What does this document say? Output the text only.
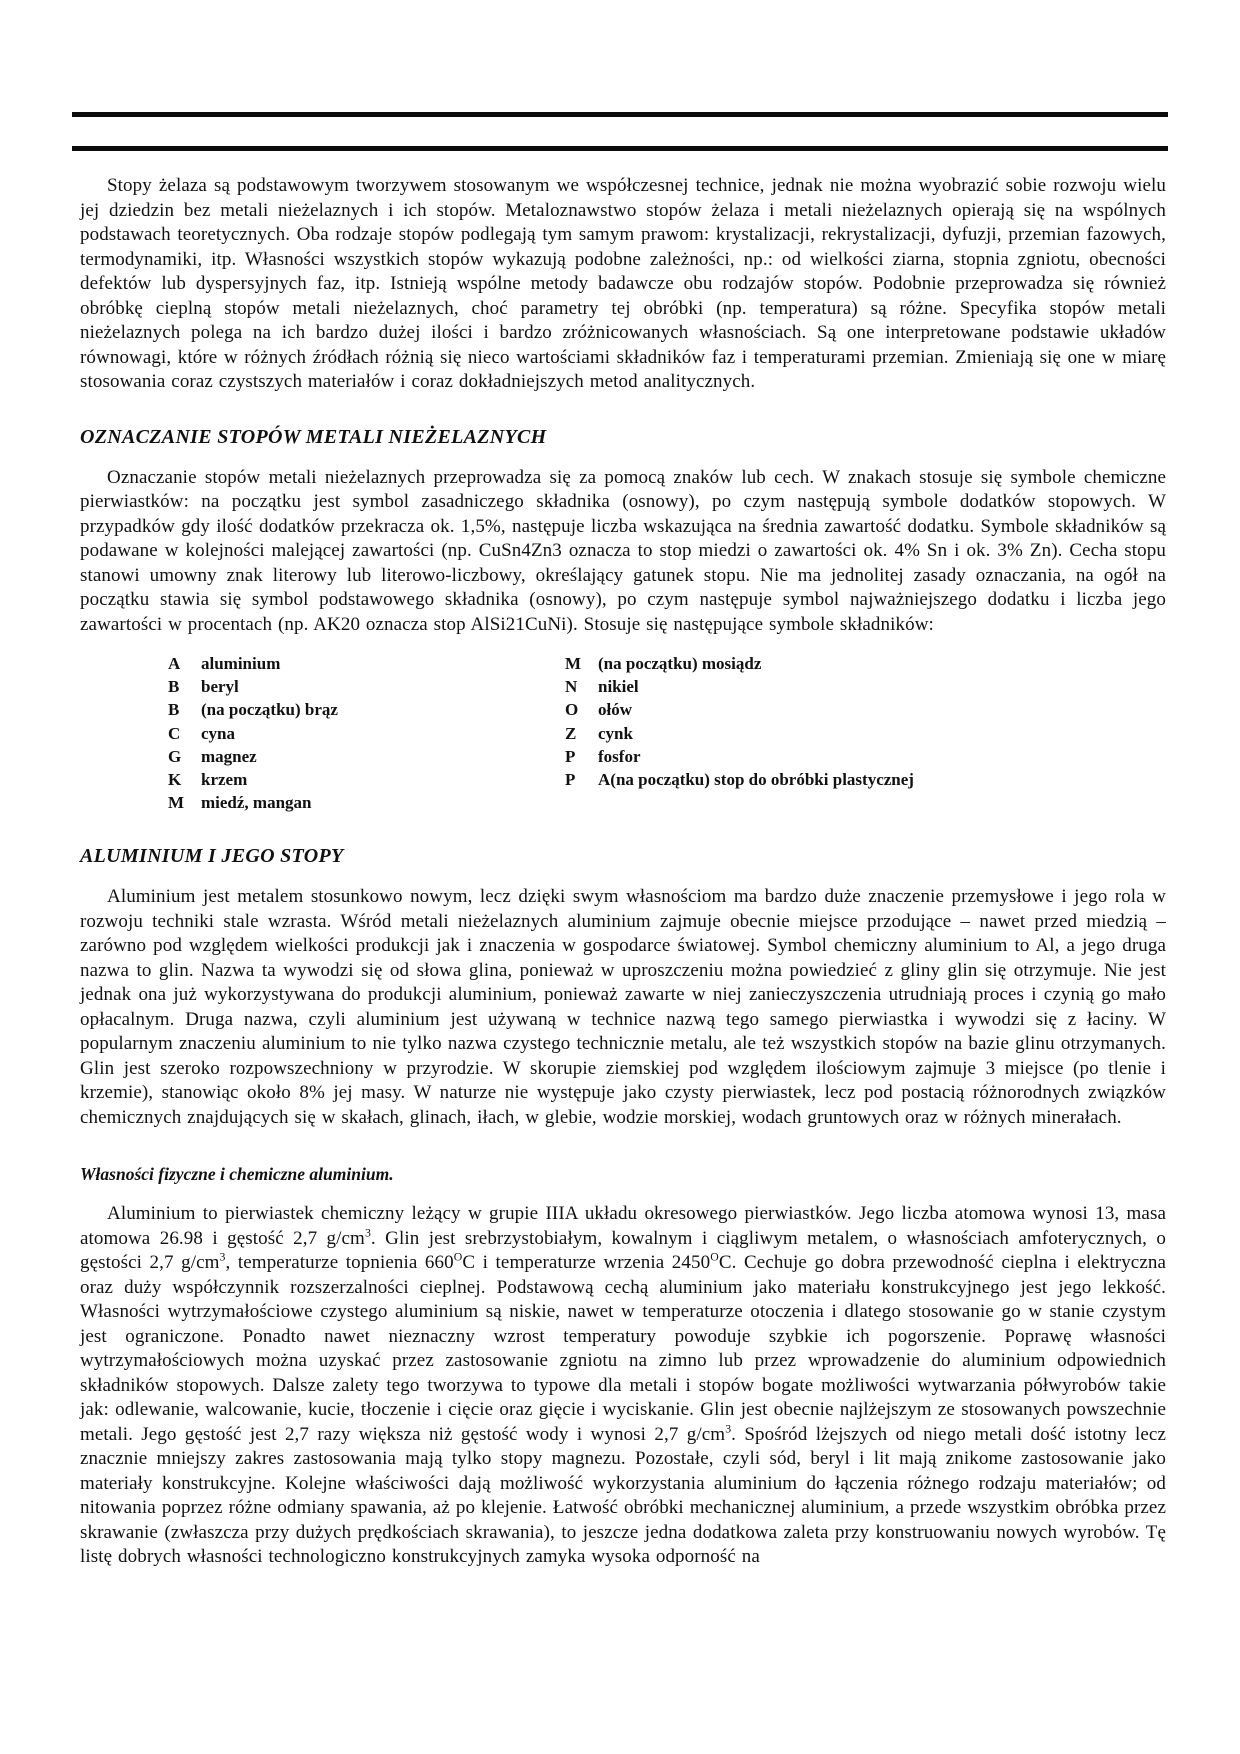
Stopy żelaza są podstawowym tworzywem stosowanym we współczesnej technice, jednak nie można wyobrazić sobie rozwoju wielu jej dziedzin bez metali nieżelaznych i ich stopów. Metaloznawstwo stopów żelaza i metali nieżelaznych opierają się na wspólnych podstawach teoretycznych. Oba rodzaje stopów podlegają tym samym prawom: krystalizacji, rekrystalizacji, dyfuzji, przemian fazowych, termodynamiki, itp. Własności wszystkich stopów wykazują podobne zależności, np.: od wielkości ziarna, stopnia zgniotu, obecności defektów lub dyspersyjnych faz, itp. Istnieją wspólne metody badawcze obu rodzajów stopów. Podobnie przeprowadza się również obróbkę cieplną stopów metali nieżelaznych, choć parametry tej obróbki (np. temperatura) są różne. Specyfika stopów metali nieżelaznych polega na ich bardzo dużej ilości i bardzo zróżnicowanych własnościach. Są one interpretowane podstawie układów równowagi, które w różnych źródłach różnią się nieco wartościami składników faz i temperaturami przemian. Zmieniają się one w miarę stosowania coraz czystszych materiałów i coraz dokładniejszych metod analitycznych.

OZNACZANIE STOPÓW METALI NIEŻELAZNYCH

Oznaczanie stopów metali nieżelaznych przeprowadza się za pomocą znaków lub cech. W znakach stosuje się symbole chemiczne pierwiastków: na początku jest symbol zasadniczego składnika (osnowy), po czym następują symbole dodatków stopowych. W przypadków gdy ilość dodatków przekracza ok. 1,5%, następuje liczba wskazująca na średnia zawartość dodatku. Symbole składników są podawane w kolejności malejącej zawartości (np. CuSn4Zn3 oznacza to stop miedzi o zawartości ok. 4% Sn i ok. 3% Zn). Cecha stopu stanowi umowny znak literowy lub literowo-liczbowy, określający gatunek stopu. Nie ma jednolitej zasady oznaczania, na ogół na początku stawia się symbol podstawowego składnika (osnowy), po czym następuje symbol najważniejszego dodatku i liczba jego zawartości w procentach (np. AK20 oznacza stop AlSi21CuNi). Stosuje się następujące symbole składników:

A	aluminium
B	beryl
B	(na początku) brąz
C	cyna
G	magnez
K	krzem
M miedź, mangan
M (na początku) mosiądz
N	nikiel
O	ołów
Z	cynk
P	fosfor
P	A(na początku) stop do obróbki plastycznej
ALUMINIUM I JEGO STOPY

Aluminium jest metalem stosunkowo nowym, lecz dzięki swym własnościom ma bardzo duże znaczenie przemysłowe i jego rola w rozwoju techniki stale wzrasta. Wśród metali nieżelaznych aluminium zajmuje obecnie miejsce przodujące – nawet przed miedzią – zarówno pod względem wielkości produkcji jak i znaczenia w gospodarce światowej. Symbol chemiczny aluminium to Al, a jego druga nazwa to glin. Nazwa ta wywodzi się od słowa glina, ponieważ w uproszczeniu można powiedzieć z gliny glin się otrzymuje. Nie jest jednak ona już wykorzystywana do produkcji aluminium, ponieważ zawarte w niej zanieczyszczenia utrudniają proces i czynią go mało opłacalnym. Druga nazwa, czyli aluminium jest używaną w technice nazwą tego samego pierwiastka i wywodzi się z łaciny. W popularnym znaczeniu aluminium to nie tylko nazwa czystego technicznie metalu, ale też wszystkich stopów na bazie glinu otrzymanych. Glin jest szeroko rozpowszechniony w przyrodzie. W skorupie ziemskiej pod względem ilościowym zajmuje 3 miejsce (po tlenie i krzemie), stanowiąc około 8% jej masy. W naturze nie występuje jako czysty pierwiastek, lecz pod postacią różnorodnych związków chemicznych znajdujących się w skałach, glinach, iłach, w glebie, wodzie morskiej, wodach gruntowych oraz w różnych minerałach.

Własności fizyczne i chemiczne aluminium.

Aluminium to pierwiastek chemiczny leżący w grupie IIIA układu okresowego pierwiastków. Jego liczba atomowa wynosi 13, masa atomowa 26.98 i gęstość 2,7 $g/cm^3$. Glin jest srebrzystobiałym, kowalnym i ciągliwym metalem, o własnościach amfoterycznych, o gęstości 2,7 $g/cm^3$, temperaturze topnienia $660^OC$ i temperaturze wrzenia $2450^OC$. Cechuje go dobra przewodność cieplna i elektryczna oraz duży współczynnik rozszerzalności cieplnej. Podstawową cechą aluminium jako materiału konstrukcyjnego jest jego lekkość. Własności wytrzymałościowe czystego aluminium są niskie, nawet w temperaturze otoczenia i dlatego stosowanie go w stanie czystym jest ograniczone. Ponadto nawet nieznaczny wzrost temperatury powoduje szybkie ich pogorszenie. Poprawę własności wytrzymałościowych można uzyskać przez zastosowanie zgniotu na zimno lub przez wprowadzenie do aluminium odpowiednich składników stopowych. Dalsze zalety tego tworzywa to typowe dla metali i stopów bogate możliwości wytwarzania półwyrobów takie jak: odlewanie, walcowanie, kucie, tłoczenie i cięcie oraz gięcie i wyciskanie. Glin jest obecnie najlżejszym ze stosowanych powszechnie metali. Jego gęstość jest 2,7 razy większa niż gęstość wody i wynosi 2,7 $g/cm^3$. Spośród lżejszych od niego metali dość istotny lecz znacznie mniejszy zakres zastosowania mają tylko stopy magnezu. Pozostałe, czyli sód, beryl i lit mają znikome zastosowanie jako materiały konstrukcyjne. Kolejne właściwości dają możliwość wykorzystania aluminium do łączenia różnego rodzaju materiałów; od nitowania poprzez różne odmiany spawania, aż po klejenie. Łatwość obróbki mechanicznej aluminium, a przede wszystkim obróbka przez skrawanie (zwłaszcza przy dużych prędkościach skrawania), to jeszcze jedna dodatkowa zaleta przy konstruowaniu nowych wyrobów. Tę listę dobrych własności technologiczno konstrukcyjnych zamyka wysoka odporność na
